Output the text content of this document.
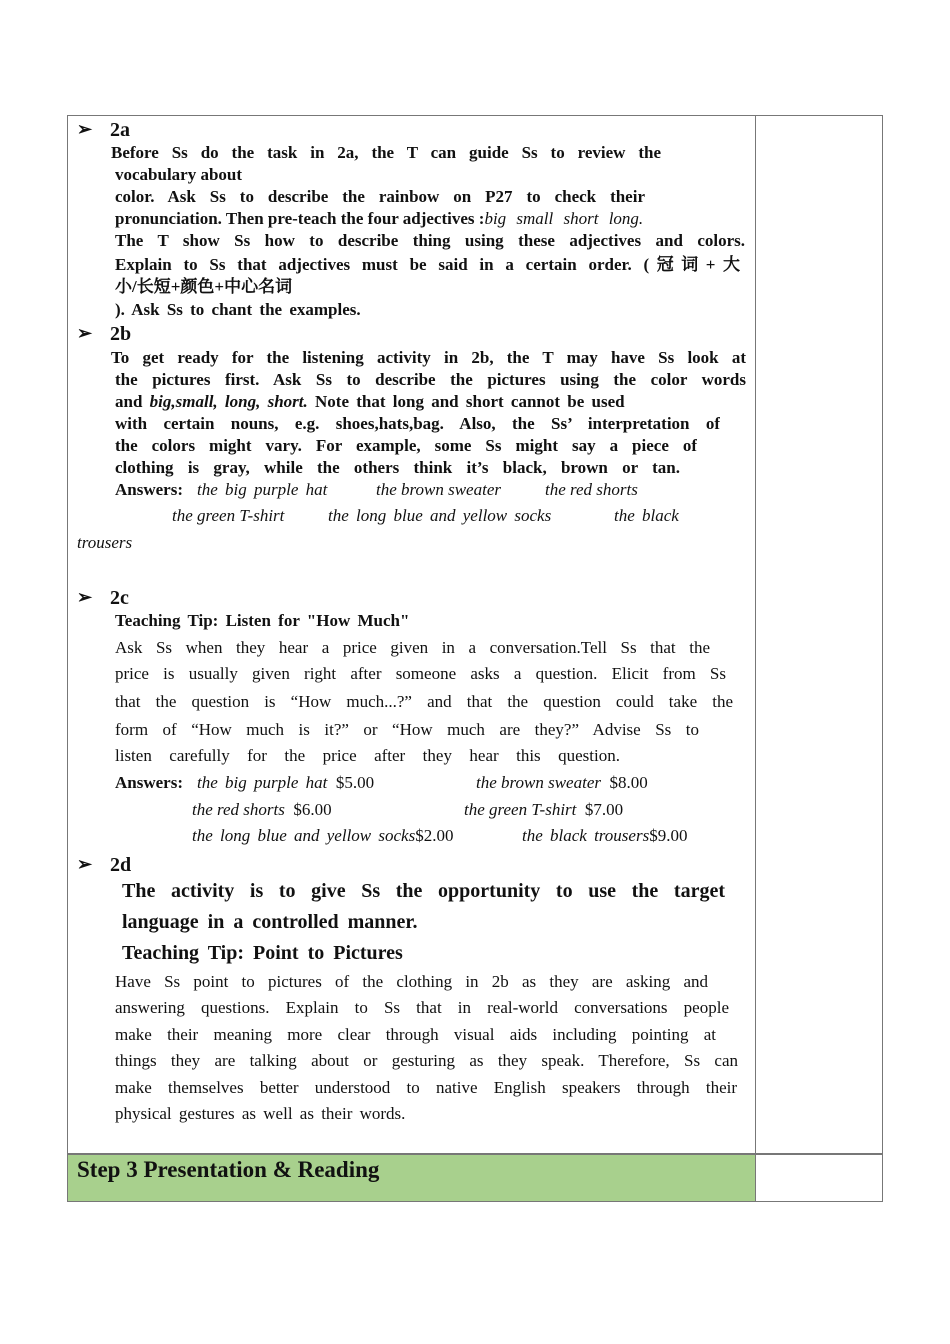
➢ 2a
Before Ss do the task in 2a, the T can guide Ss to review the
vocabulary about
color. Ask Ss to describe the rainbow on P27 to check their
pronunciation. Then pre-teach the four adjectives :big small short long.
The T show Ss how to describe thing using these adjectives and colors.
Explain to Ss that adjectives must be said in a certain order. (冠词+大
小/长短+颜色+中心名词
). Ask Ss to chant the examples.
➢ 2b
To get ready for the listening activity in 2b, the T may have Ss look at
the pictures first. Ask Ss to describe the pictures using the color words
and big,small, long, short. Note that long and short cannot be used
with certain nouns, e.g. shoes,hats,bag. Also, the Ss’ interpretation of
the colors might vary. For example, some Ss might say a piece of
clothing is gray, while the others think it’s black, brown or tan.
Answers: the big purple hat	the brown sweater	the red shorts
the green T-shirt	the long blue and yellow socks	the black
trousers
➢ 2c
Teaching Tip: Listen for "How Much"
Ask Ss when they hear a price given in a conversation.Tell Ss that the
price is usually given right after someone asks a question. Elicit from Ss
that the question is “How much...?” and that the question could take the
form of “How much is it?” or “How much are they?” Advise Ss to
listen carefully for the price after they hear this question.
Answers: the big purple hat $5.00	the brown sweater $8.00
the red shorts $6.00	the green T-shirt $7.00
the long blue and yellow socks$2.00	the black trousers$9.00
➢ 2d
The activity is to give Ss the opportunity to use the target
language in a controlled manner.
Teaching Tip: Point to Pictures
Have Ss point to pictures of the clothing in 2b as they are asking and
answering questions. Explain to Ss that in real-world conversations people
make their meaning more clear through visual aids including pointing at
things they are talking about or gesturing as they speak. Therefore, Ss can
make themselves better understood to native English speakers through their
physical gestures as well as their words.
Step 3 Presentation & Reading
